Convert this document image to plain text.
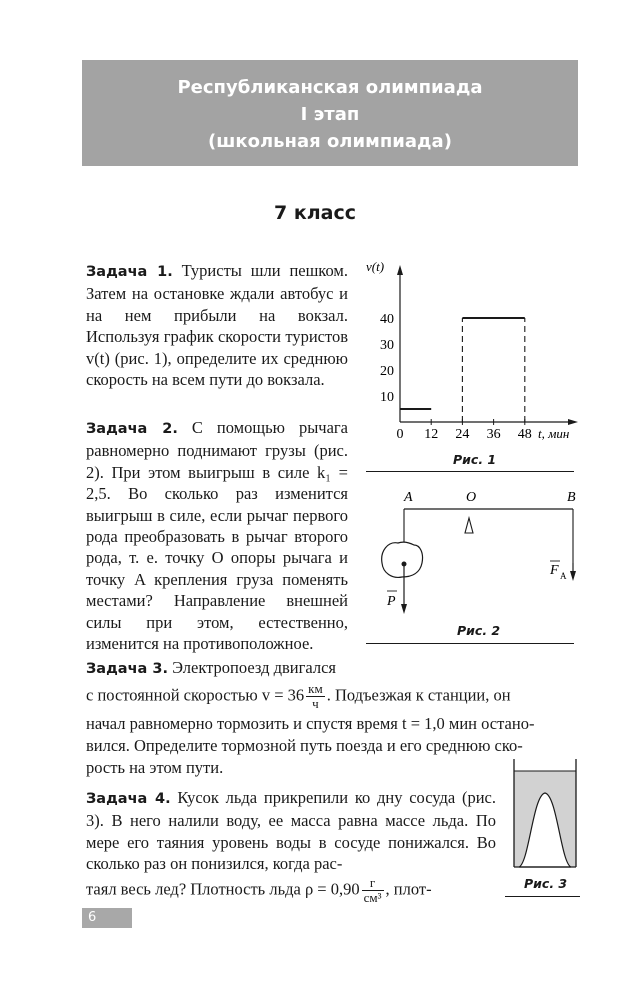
Республиканская олимпиада
I этап
(школьная олимпиада)
7 класс
Задача 1. Туристы шли пешком. Затем на остановке ждали автобус и на нем прибыли на вокзал. Используя график скорости туристов v(t) (рис. 1), определите их среднюю скорость на всем пути до вокзала.
Задача 2. С помощью рычага равномерно поднимают грузы (рис. 2). При этом выигрыш в силе k₁ = 2,5. Во сколько раз изменится выигрыш в силе, если рычаг первого рода преобразовать в рычаг второго рода, т. е. точку O опоры рычага и точку A крепления груза поменять местами? Направление внешней силы при этом, естественно, изменится на противоположное.
Задача 3. Электропоезд двигался
с постоянной скоростью $v = 36 \frac{км}{ч}$ . Подъезжая к станции, он
начал равномерно тормозить и спустя время t = 1,0 мин остано-
вился. Определите тормозной путь поезда и его среднюю ско-
рость на этом пути.
Задача 4. Кусок льда прикрепили ко дну сосуда (рис. 3). В него налили воду, ее масса равна массе льда. По мере его таяния уровень воды в сосуде понижался. Во сколько раз он понизился, когда рас-
таял весь лед? Плотность льда $\rho = 0,90 \frac{г}{\text{см³}}$ , плот-
v(t)
t, мин
10
20
30
40
0 12 24 36 48
Рис. 1
A	O	B
P
F A
Рис. 2
Рис. 3
6
